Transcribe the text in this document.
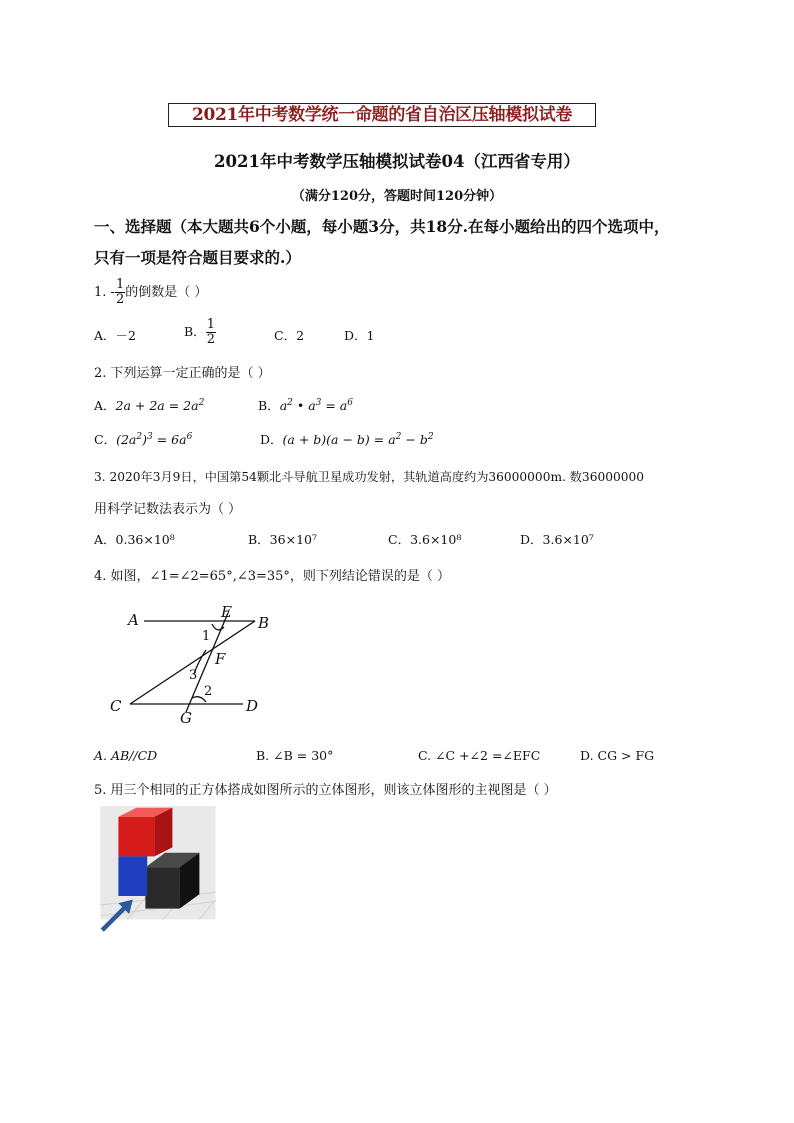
2021年中考数学统一命题的省自治区压轴模拟试卷
2021年中考数学压轴模拟试卷04（江西省专用）
（满分120分，答题时间120分钟）
一、选择题（本大题共6个小题，每小题3分，共18分.在每小题给出的四个选项中，
只有一项是符合题目要求的.）
1. - $\frac{1}{2}$ 的倒数是（ ）
A．－2	B． $\frac{1}{2}$	C．2	D．1
2. 下列运算一定正确的是（ ）
A．$2a + 2a = 2a^2$	B．$a^2$ • $a^3 = a^6$
C．$(2a^2)^3 = 6a^6$	D．$(a + b)(a - b) = a^2 - b^2$
3. 2020年3月9日，中国第54颗北斗导航卫星成功发射，其轨道高度约为36000000m. 数36000000
用科学记数法表示为（ ）
A．0.36×10⁸	B．36×10⁷	C．3.6×10⁸	D．3.6×10⁷
4. 如图，∠1=∠2=65°,∠3=35°，则下列结论错误的是（ ）
A	B
C	D
E
F
G
1
2
3
A. AB//CD	B. ∠B = 30°	C. ∠C +∠2 =∠EFC	D. CG > FG
5. 用三个相同的正方体搭成如图所示的立体图形，则该立体图形的主视图是（ ）
